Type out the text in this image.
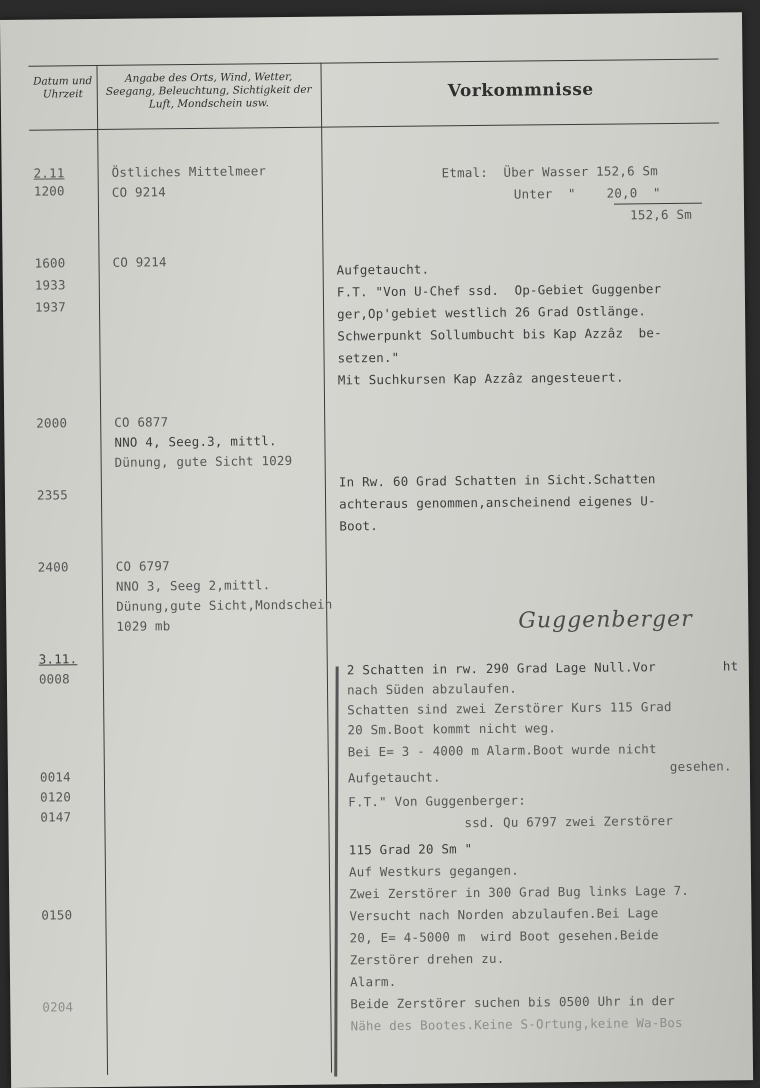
Datum und Uhrzeit
Angabe des Orts, Wind, Wetter, Seegang, Beleuchtung, Sichtigkeit der Luft, Mondschein usw.
Vorkommnisse
2.11
1200
1600
1933
1937
2000
2355
2400
3.11.
0008
0014
0120
0147
0150
0204
Östliches Mittelmeer
CO 9214
CO 9214
CO 6877
NNO 4, Seeg.3, mittl.
Dünung, gute Sicht 1029
CO 6797
NNO 3, Seeg 2,mittl.
Dünung,gute Sicht,Mondschein
1029 mb
Etmal:  Über Wasser 152,6 Sm
Unter  "    20,0  "
152,6 Sm
Aufgetaucht.
F.T. "Von U-Chef ssd.  Op-Gebiet Guggenber
ger,Op'gebiet westlich 26 Grad Ostlänge.
Schwerpunkt Sollumbucht bis Kap Azzâz  be-
setzen."
Mit Suchkursen Kap Azzâz angesteuert.
In Rw. 60 Grad Schatten in Sicht.Schatten
achteraus genommen,anscheinend eigenes U-
Boot.
Guggenberger
2 Schatten in rw. 290 Grad Lage Null.Vor	ht
nach Süden abzulaufen.
Schatten sind zwei Zerstörer Kurs 115 Grad
20 Sm.Boot kommt nicht weg.
Bei E= 3 - 4000 m Alarm.Boot wurde nicht
gesehen.
Aufgetaucht.
F.T." Von Guggenberger:
ssd. Qu 6797 zwei Zerstörer
115 Grad 20 Sm "
Auf Westkurs gegangen.
Zwei Zerstörer in 300 Grad Bug links Lage 7.
Versucht nach Norden abzulaufen.Bei Lage
20, E= 4-5000 m  wird Boot gesehen.Beide
Zerstörer drehen zu.
Alarm.
Beide Zerstörer suchen bis 0500 Uhr in der
Nähe des Bootes.Keine S-Ortung,keine Wa-Bos
